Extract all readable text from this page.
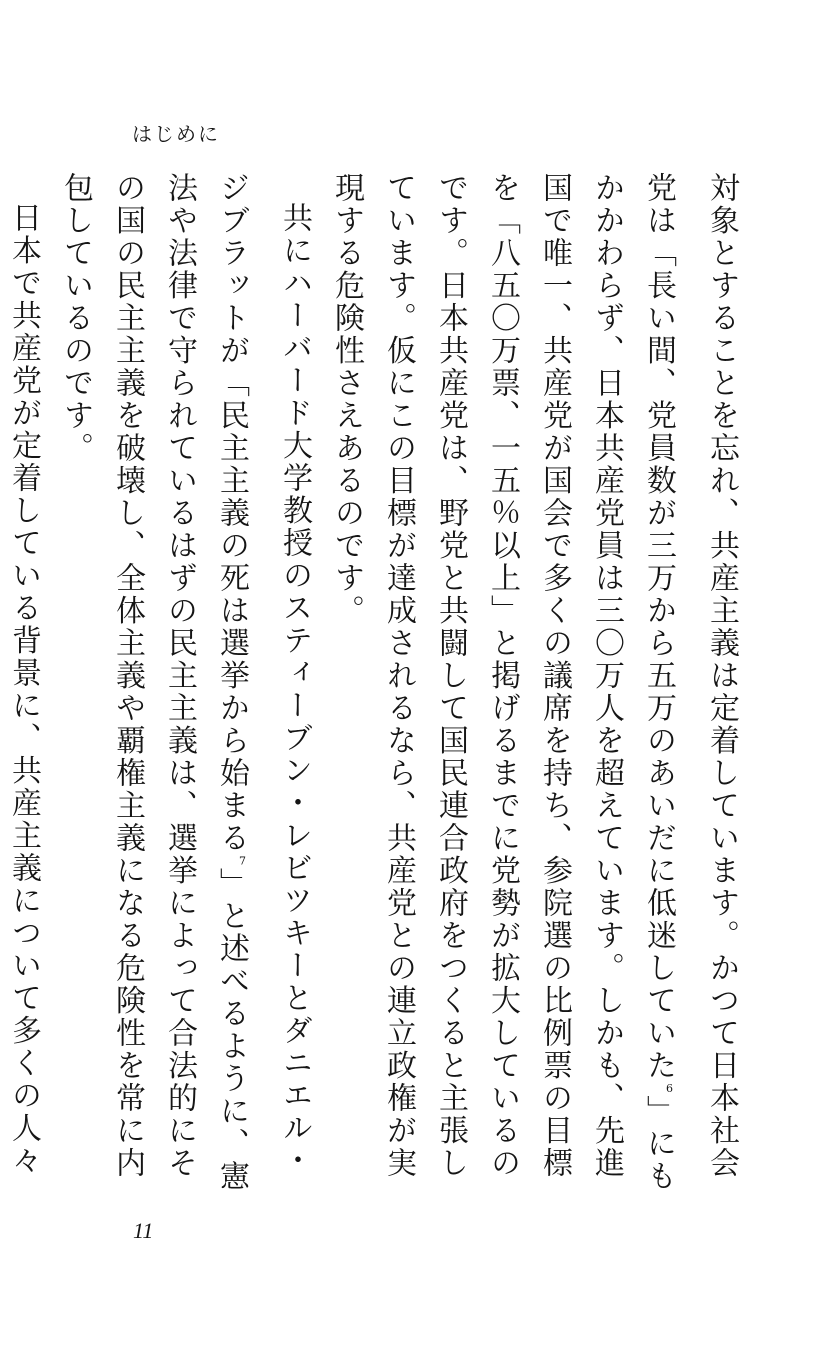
はじめに

対象とすることを忘れ、共産主義は定着しています。かつて日本社会党は「長い間、党員数が三万から五万のあいだに低迷していた$^6$」にもかかわらず、日本共産党員は三〇万人を超えています。しかも、先進国で唯一、共産党が国会で多くの議席を持ち、参院選の比例票の目標を「八五〇万票、一五％以上」と掲げるまでに党勢が拡大しているのです。日本共産党は、野党と共闘して国民連合政府をつくると主張しています。仮にこの目標が達成されるなら、共産党との連立政権が実現する危険性さえあるのです。

共にハーバード大学教授のスティーブン・レビツキーとダニエル・ジブラットが「民主主義の死は選挙から始まる$^7$」と述べるように、憲法や法律で守られているはずの民主主義は、選挙によって合法的にその国の民主主義を破壊し、全体主義や覇権主義になる危険性を常に内包しているのです。

日本で共産党が定着している背景に、共産主義について多くの人々

11
